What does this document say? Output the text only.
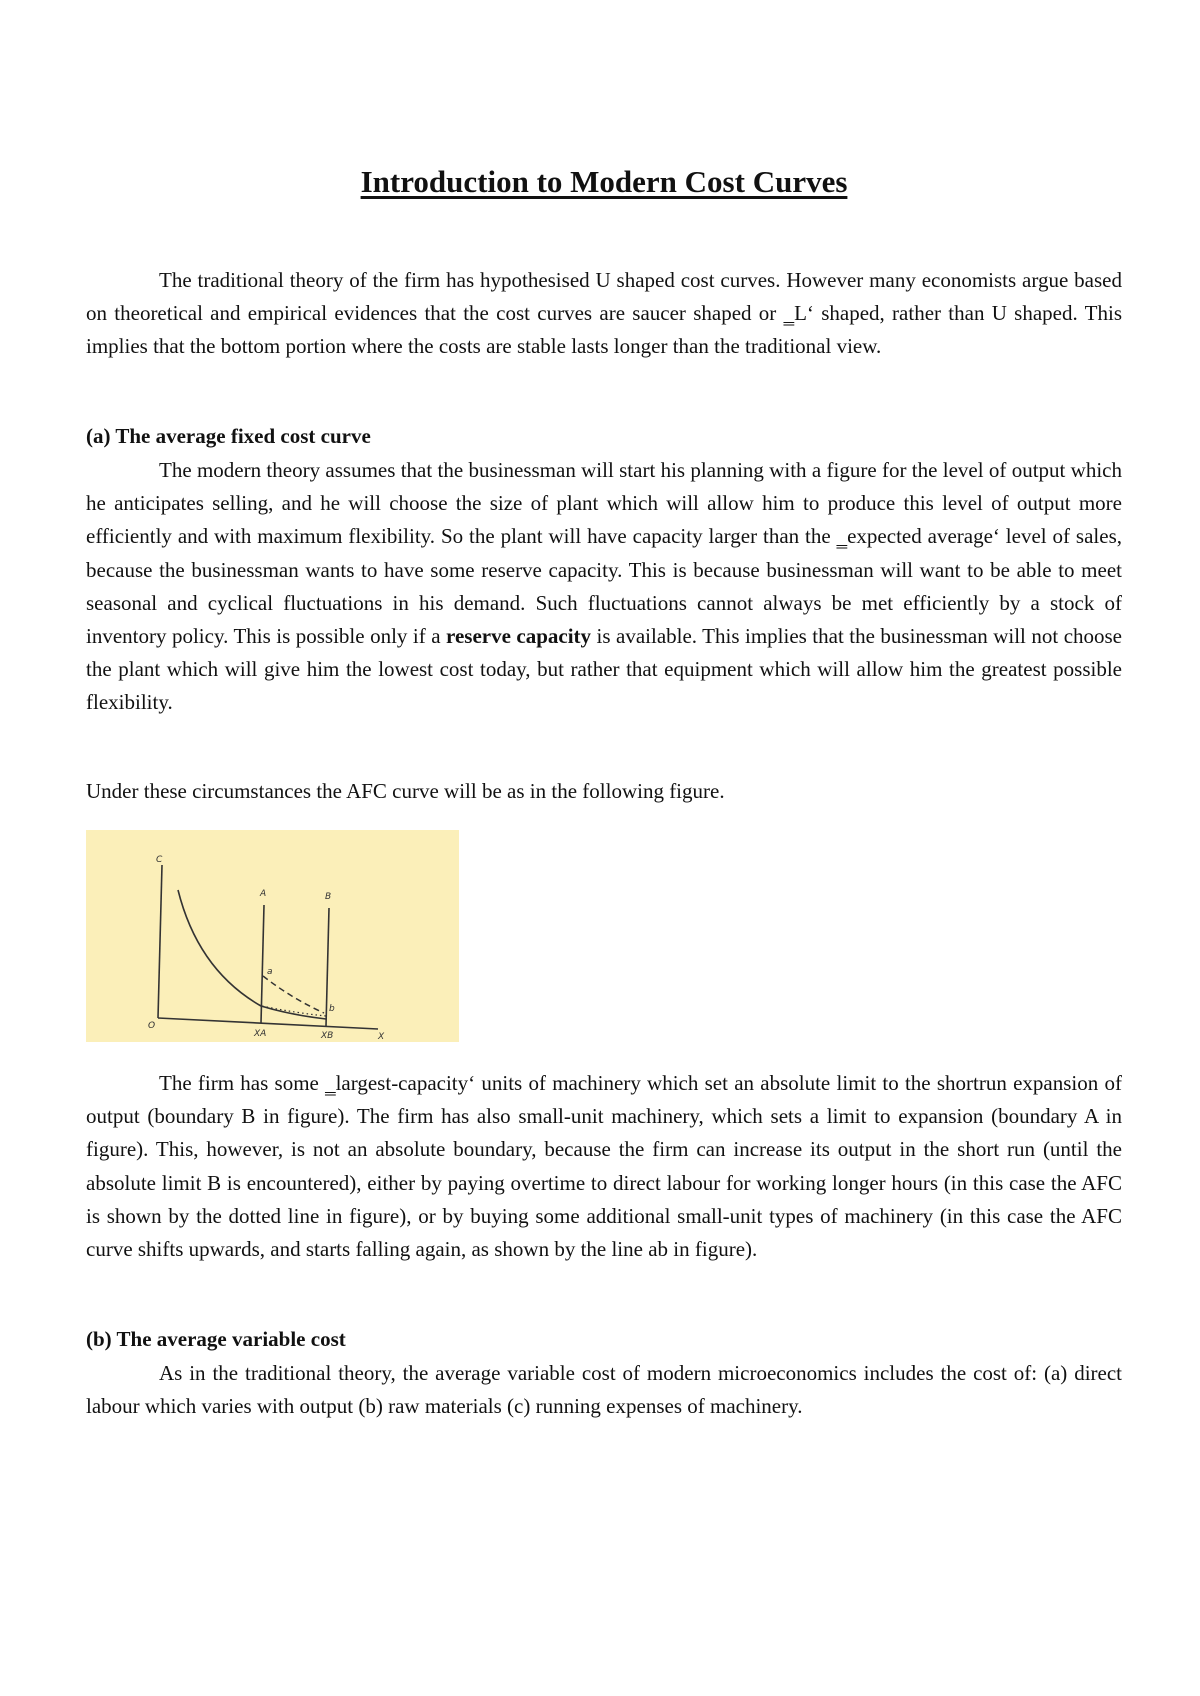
Introduction to Modern Cost Curves

The traditional theory of the firm has hypothesised U shaped cost curves. However many economists argue based on theoretical and empirical evidences that the cost curves are saucer shaped or ‗L‘ shaped, rather than U shaped. This implies that the bottom portion where the costs are stable lasts longer than the traditional view.

(a) The average fixed cost curve

The modern theory assumes that the businessman will start his planning with a figure for the level of output which he anticipates selling, and he will choose the size of plant which will allow him to produce this level of output more efficiently and with maximum flexibility. So the plant will have capacity larger than the ‗expected average‘ level of sales, because the businessman wants to have some reserve capacity. This is because businessman will want to be able to meet seasonal and cyclical fluctuations in his demand. Such fluctuations cannot always be met efficiently by a stock of inventory policy. This is possible only if a reserve capacity is available. This implies that the businessman will not choose the plant which will give him the lowest cost today, but rather that equipment which will allow him the greatest possible flexibility.

Under these circumstances the AFC curve will be as in the following figure.

C
O
X
A	B
a
b
XA	XB

The firm has some ‗largest-capacity‘ units of machinery which set an absolute limit to the shortrun expansion of output (boundary B in figure). The firm has also small-unit machinery, which sets a limit to expansion (boundary A in figure). This, however, is not an absolute boundary, because the firm can increase its output in the short run (until the absolute limit B is encountered), either by paying overtime to direct labour for working longer hours (in this case the AFC is shown by the dotted line in figure), or by buying some additional small-unit types of machinery (in this case the AFC curve shifts upwards, and starts falling again, as shown by the line ab in figure).

(b) The average variable cost

As in the traditional theory, the average variable cost of modern microeconomics includes the cost of: (a) direct labour which varies with output (b) raw materials (c) running expenses of machinery.
